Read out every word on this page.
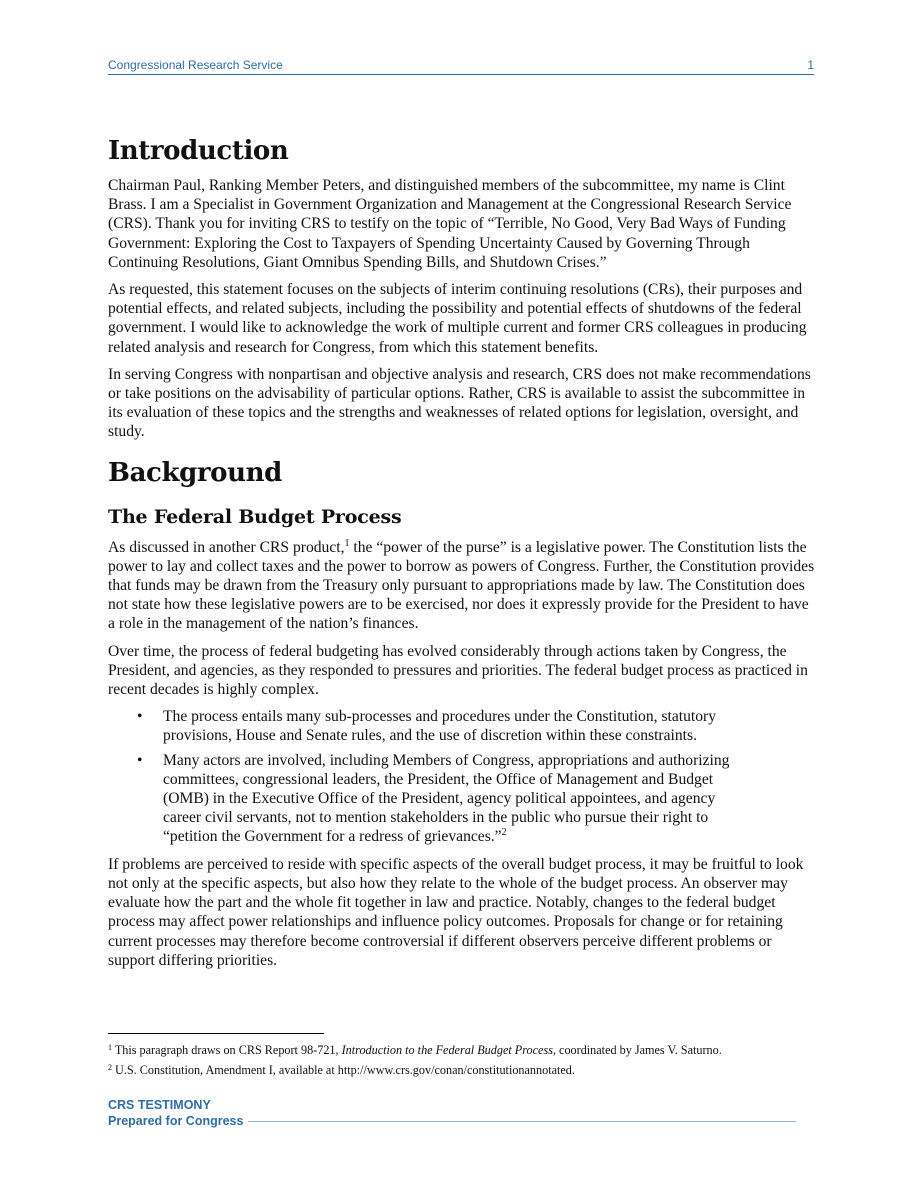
Congressional Research Service	1
Introduction

Chairman Paul, Ranking Member Peters, and distinguished members of the subcommittee, my name is Clint Brass. I am a Specialist in Government Organization and Management at the Congressional Research Service (CRS). Thank you for inviting CRS to testify on the topic of “Terrible, No Good, Very Bad Ways of Funding Government: Exploring the Cost to Taxpayers of Spending Uncertainty Caused by Governing Through Continuing Resolutions, Giant Omnibus Spending Bills, and Shutdown Crises.”

As requested, this statement focuses on the subjects of interim continuing resolutions (CRs), their purposes and potential effects, and related subjects, including the possibility and potential effects of shutdowns of the federal government. I would like to acknowledge the work of multiple current and former CRS colleagues in producing related analysis and research for Congress, from which this statement benefits.

In serving Congress with nonpartisan and objective analysis and research, CRS does not make recommendations or take positions on the advisability of particular options. Rather, CRS is available to assist the subcommittee in its evaluation of these topics and the strengths and weaknesses of related options for legislation, oversight, and study.

Background
The Federal Budget Process

As discussed in another CRS product,$^1$ the “power of the purse” is a legislative power. The Constitution lists the power to lay and collect taxes and the power to borrow as powers of Congress. Further, the Constitution provides that funds may be drawn from the Treasury only pursuant to appropriations made by law. The Constitution does not state how these legislative powers are to be exercised, nor does it expressly provide for the President to have a role in the management of the nation’s finances.

Over time, the process of federal budgeting has evolved considerably through actions taken by Congress, the President, and agencies, as they responded to pressures and priorities. The federal budget process as practiced in recent decades is highly complex.

• The process entails many sub-processes and procedures under the Constitution, statutory provisions, House and Senate rules, and the use of discretion within these constraints.
• Many actors are involved, including Members of Congress, appropriations and authorizing committees, congressional leaders, the President, the Office of Management and Budget (OMB) in the Executive Office of the President, agency political appointees, and agency career civil servants, not to mention stakeholders in the public who pursue their right to “petition the Government for a redress of grievances.”$^2$

If problems are perceived to reside with specific aspects of the overall budget process, it may be fruitful to look not only at the specific aspects, but also how they relate to the whole of the budget process. An observer may evaluate how the part and the whole fit together in law and practice. Notably, changes to the federal budget process may affect power relationships and influence policy outcomes. Proposals for change or for retaining current processes may therefore become controversial if different observers perceive different problems or support differing priorities.

$^1$ This paragraph draws on CRS Report 98-721, Introduction to the Federal Budget Process, coordinated by James V. Saturno.
$^2$ U.S. Constitution, Amendment I, available at http://www.crs.gov/conan/constitutionannotated.
CRS TESTIMONY
Prepared for Congress
